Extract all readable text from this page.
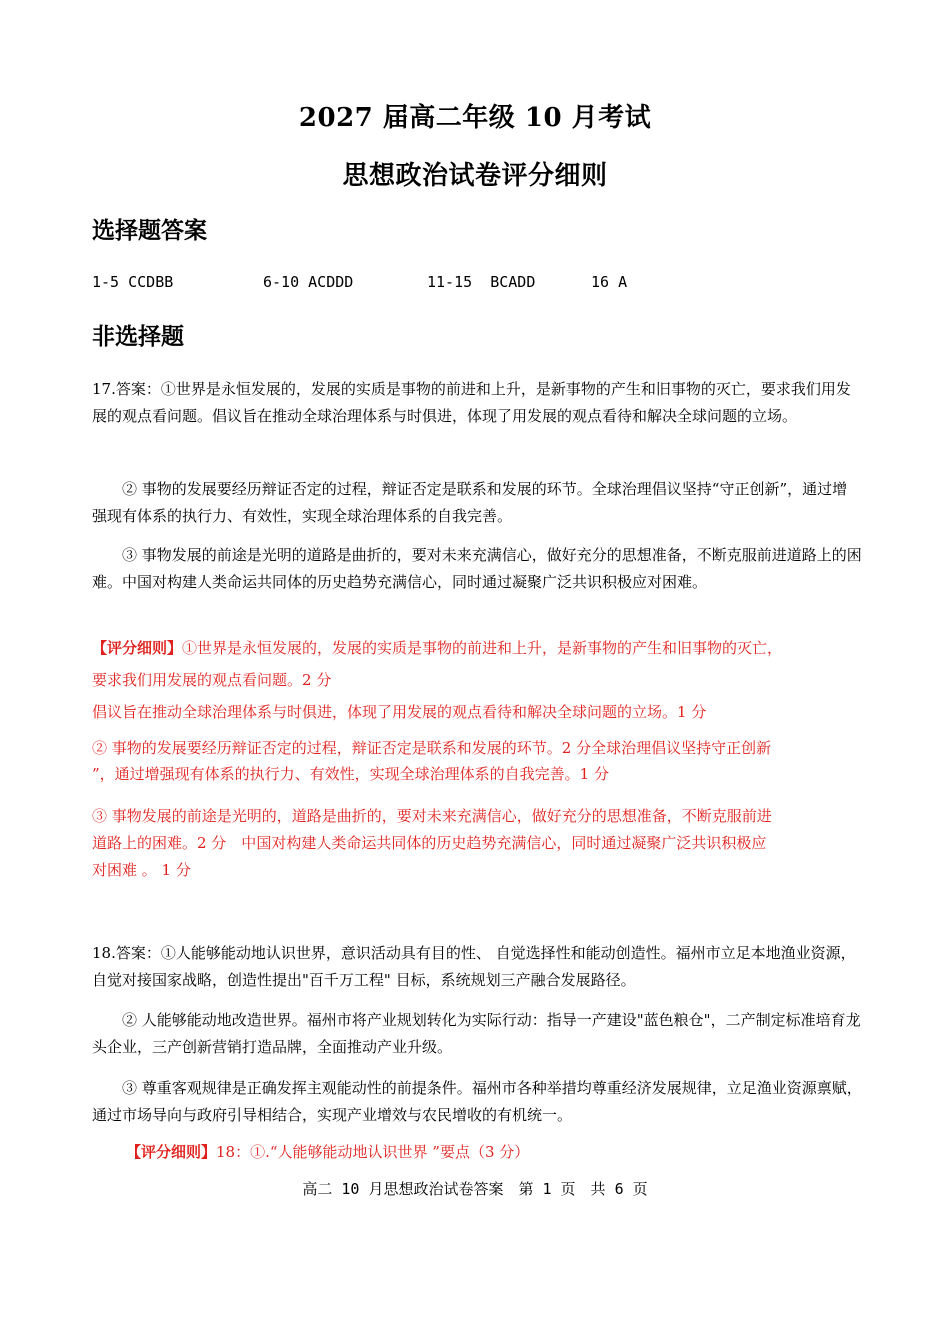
2027 届高二年级 10 月考试
思想政治试卷评分细则
选择题答案
1-5 CCDBB	6-10 ACDDD	11-15 BCADD	16 A
非选择题
17.答案：①世界是永恒发展的，发展的实质是事物的前进和上升，是新事物的产生和旧事物的灭亡，要求我们用发展的观点看问题。倡议旨在推动全球治理体系与时俱进，体现了用发展的观点看待和解决全球问题的立场。
② 事物的发展要经历辩证否定的过程，辩证否定是联系和发展的环节。全球治理倡议坚持“守正创新”，通过增强现有体系的执行力、有效性，实现全球治理体系的自我完善。
③ 事物发展的前途是光明的道路是曲折的，要对未来充满信心，做好充分的思想准备，不断克服前进道路上的困难。中国对构建人类命运共同体的历史趋势充满信心，同时通过凝聚广泛共识积极应对困难。
【评分细则】①世界是永恒发展的，发展的实质是事物的前进和上升，是新事物的产生和旧事物的灭亡，
要求我们用发展的观点看问题。2 分
倡议旨在推动全球治理体系与时俱进，体现了用发展的观点看待和解决全球问题的立场。1 分
② 事物的发展要经历辩证否定的过程，辩证否定是联系和发展的环节。2 分全球治理倡议坚持守正创新
”，通过增强现有体系的执行力、有效性，实现全球治理体系的自我完善。1 分
③ 事物发展的前途是光明的，道路是曲折的，要对未来充满信心，做好充分的思想准备，不断克服前进
道路上的困难。2 分　中国对构建人类命运共同体的历史趋势充满信心，同时通过凝聚广泛共识积极应
对困难 。 1 分
18.答案：①人能够能动地认识世界，意识活动具有目的性、 自觉选择性和能动创造性。福州市立足本地渔业资源， 自觉对接国家战略，创造性提出"百千万工程" 目标，系统规划三产融合发展路径。
② 人能够能动地改造世界。福州市将产业规划转化为实际行动：指导一产建设"蓝色粮仓"，二产制定标准培育龙头企业，三产创新营销打造品牌，全面推动产业升级。
③ 尊重客观规律是正确发挥主观能动性的前提条件。福州市各种举措均尊重经济发展规律，立足渔业资源禀赋，通过市场导向与政府引导相结合，实现产业增效与农民增收的有机统一。
【评分细则】18：①.“人能够能动地认识世界 ”要点（3 分）
高二 10 月思想政治试卷答案　第 1 页　共 6 页
